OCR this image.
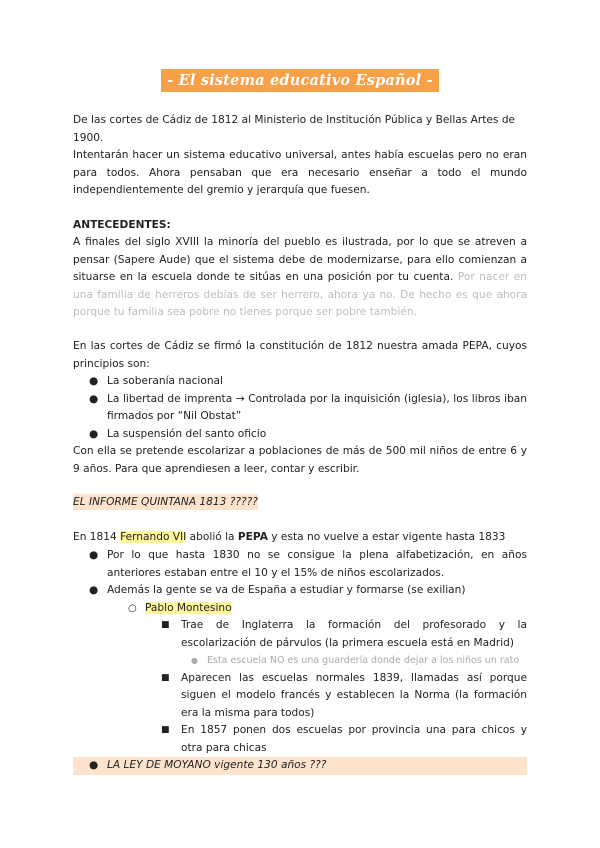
- El sistema educativo Español -
De las cortes de Cádiz de 1812 al Ministerio de Institución Pública y Bellas Artes de 1900.
Intentarán hacer un sistema educativo universal, antes había escuelas pero no eran para todos. Ahora pensaban que era necesario enseñar a todo el mundo independientemente del gremio y jerarquía que fuesen.
ANTECEDENTES:
A finales del siglo XVIII la minoría del pueblo es ilustrada, por lo que se atreven a pensar (Sapere Aude) que el sistema debe de modernizarse, para ello comienzan a situarse en la escuela donde te sitúas en una posición por tu cuenta. Por nacer en una familia de herreros debías de ser herrero, ahora ya no. De hecho es que ahora porque tu familia sea pobre no tienes porque ser pobre también.
En las cortes de Cádiz se firmó la constitución de 1812 nuestra amada PEPA, cuyos principios son:
● La soberanía nacional
● La libertad de imprenta → Controlada por la inquisición (iglesia), los libros iban firmados por “Nil Obstat”
● La suspensión del santo oficio
Con ella se pretende escolarizar a poblaciones de más de 500 mil niños de entre 6 y 9 años. Para que aprendiesen a leer, contar y escribir.
EL INFORME QUINTANA 1813 ?????
En 1814 Fernando VII abolió la PEPA y esta no vuelve a estar vigente hasta 1833
● Por lo que hasta 1830 no se consigue la plena alfabetización, en años anteriores estaban entre el 10 y el 15% de niños escolarizados.
● Además la gente se va de España a estudiar y formarse (se exilian)
○ Pablo Montesino
■ Trae de Inglaterra la formación del profesorado y la escolarización de párvulos (la primera escuela está en Madrid)
● Esta escuela NO es una guardería donde dejar a los niños un rato
■ Aparecen las escuelas normales 1839, llamadas así porque siguen el modelo francés y establecen la Norma (la formación era la misma para todos)
■ En 1857 ponen dos escuelas por provincia una para chicos y otra para chicas
● LA LEY DE MOYANO vigente 130 años ???
